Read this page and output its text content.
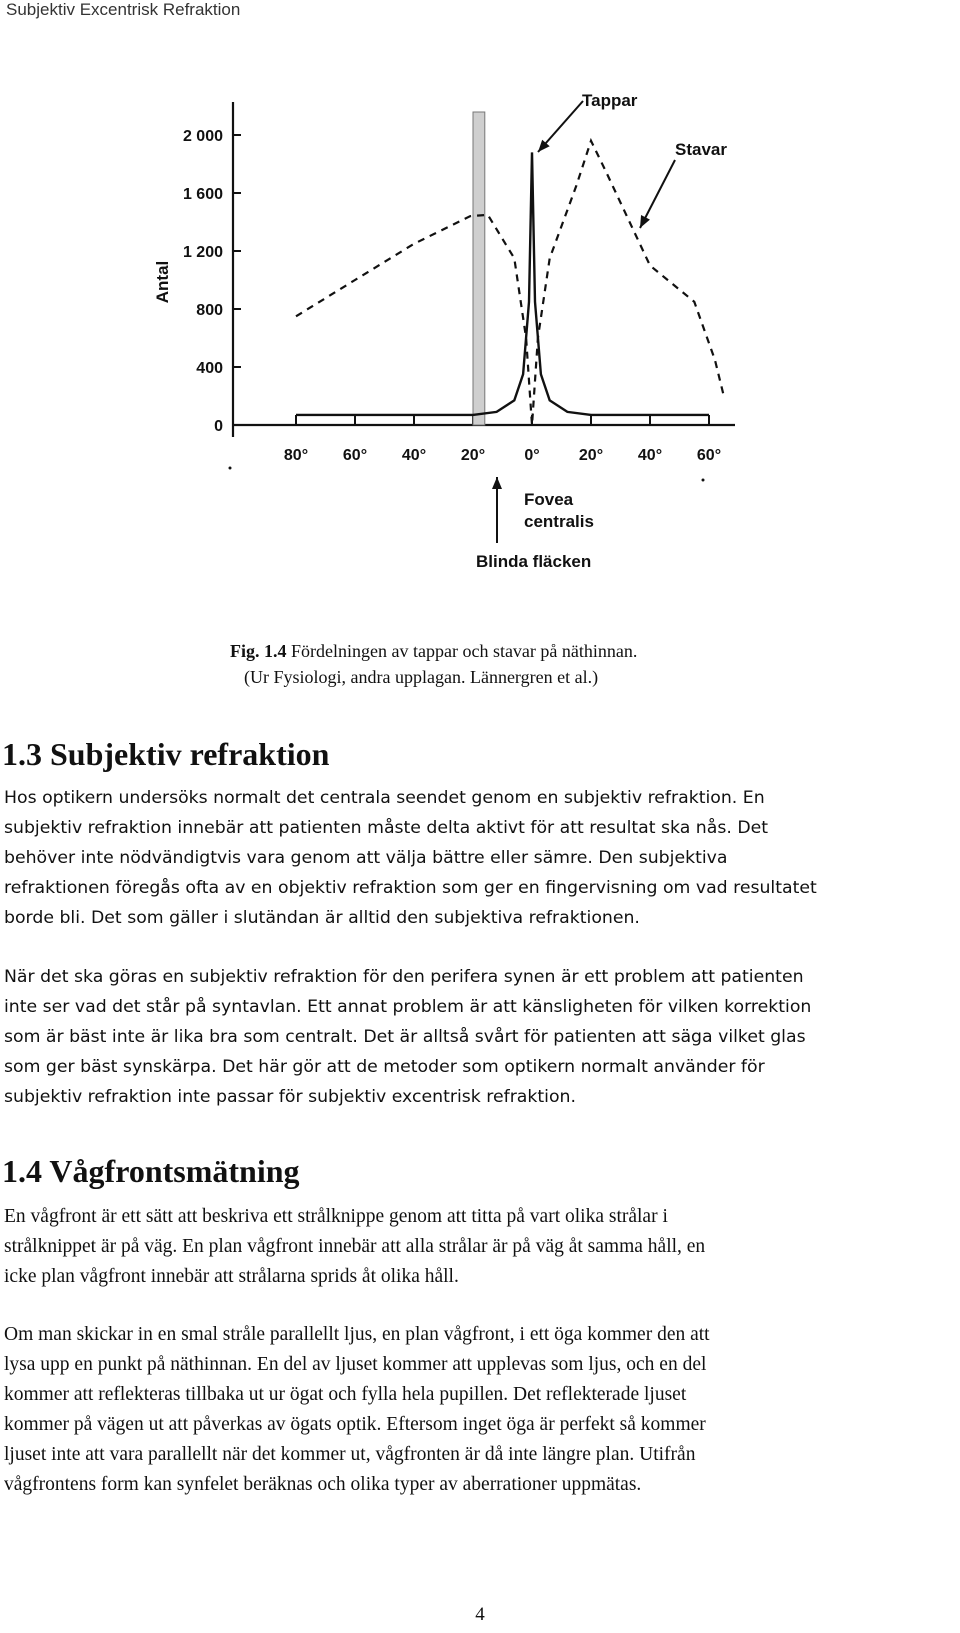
Subjektiv Excentrisk Refraktion
2 000
1 600
1 200
800
400
0
80° 60° 40° 20° 0° 20° 40° 60°
Antal
Tappar
Stavar
Fovea
centralis
Blinda fläcken
Fig. 1.4 Fördelningen av tappar och stavar på näthinnan.
(Ur Fysiologi, andra upplagan. Lännergren et al.)
1.3 Subjektiv refraktion
Hos optikern undersöks normalt det centrala seendet genom en subjektiv refraktion. En
subjektiv refraktion innebär att patienten måste delta aktivt för att resultat ska nås. Det
behöver inte nödvändigtvis vara genom att välja bättre eller sämre. Den subjektiva
refraktionen föregås ofta av en objektiv refraktion som ger en fingervisning om vad resultatet
borde bli. Det som gäller i slutändan är alltid den subjektiva refraktionen.
När det ska göras en subjektiv refraktion för den perifera synen är ett problem att patienten
inte ser vad det står på syntavlan. Ett annat problem är att känsligheten för vilken korrektion
som är bäst inte är lika bra som centralt. Det är alltså svårt för patienten att säga vilket glas
som ger bäst synskärpa. Det här gör att de metoder som optikern normalt använder för
subjektiv refraktion inte passar för subjektiv excentrisk refraktion.
1.4 Vågfrontsmätning
En vågfront är ett sätt att beskriva ett strålknippe genom att titta på vart olika strålar i
strålknippet är på väg. En plan vågfront innebär att alla strålar är på väg åt samma håll, en
icke plan vågfront innebär att strålarna sprids åt olika håll.
Om man skickar in en smal stråle parallellt ljus, en plan vågfront, i ett öga kommer den att
lysa upp en punkt på näthinnan. En del av ljuset kommer att upplevas som ljus, och en del
kommer att reflekteras tillbaka ut ur ögat och fylla hela pupillen. Det reflekterade ljuset
kommer på vägen ut att påverkas av ögats optik. Eftersom inget öga är perfekt så kommer
ljuset inte att vara parallellt när det kommer ut, vågfronten är då inte längre plan. Utifrån
vågfrontens form kan synfelet beräknas och olika typer av aberrationer uppmätas.
4
